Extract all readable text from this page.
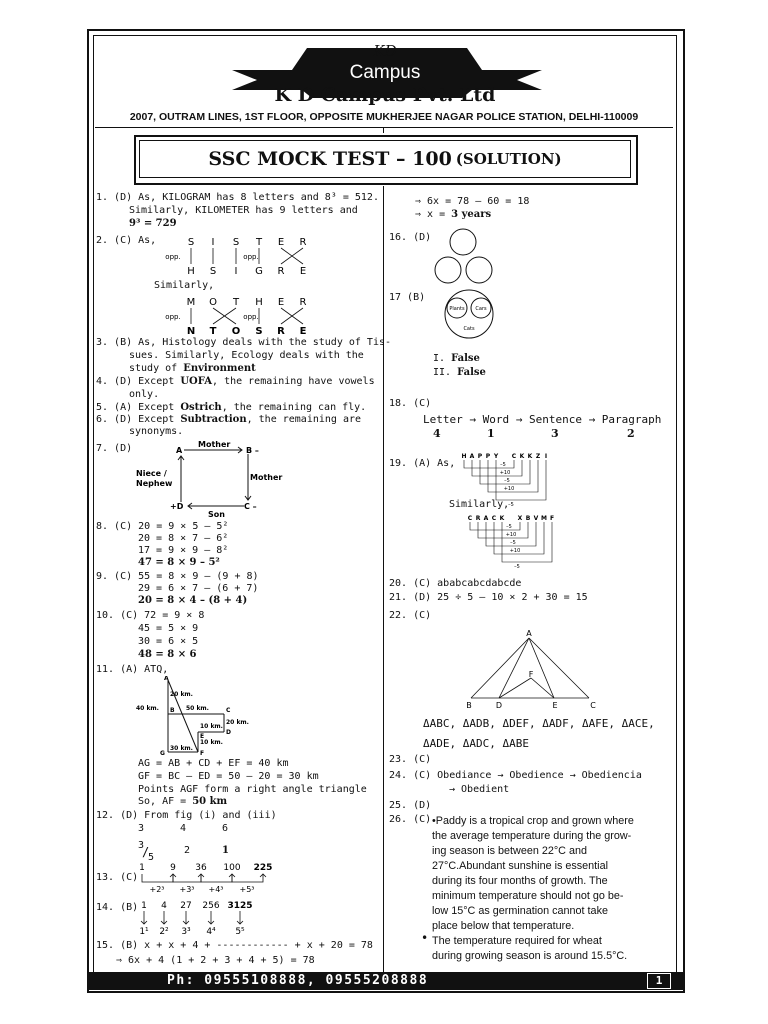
KD
Campus
K D Campus Pvt. Ltd
2007, OUTRAM LINES, 1ST FLOOR, OPPOSITE MUKHERJEE NAGAR POLICE STATION, DELHI-110009
SSC MOCK TEST – 100 (SOLUTION)
1. (D) As, KILOGRAM has 8 letters and 8³ = 512.
Similarly, KILOMETER has 9 letters and
9³ = 729
2. (C) As,	S I S T E R
H S I G R E
opp.	opp.
Similarly,
M O T H E R
opp.	opp.
N T O S R E
3. (B) As, Histology deals with the study of Tis-
sues. Similarly, Ecology deals with the
study of Environment
4. (D) Except UOFA, the remaining have vowels
only.
5. (A) Except Ostrich, the remaining can fly.
6. (D) Except Subtraction, the remaining are
synonyms.
7. (D)	A	B –
C –
+D
Mother
Mother
Son
Niece /
Nephew
8. (C) 20 = 9 × 5 – 5²
20 = 8 × 7 – 6²
17 = 9 × 9 – 8²
47 = 8 × 9 – 5²
9. (C) 55 = 8 × 9 – (9 + 8)
29 = 6 × 7 – (6 + 7)
20 = 8 × 4 – (8 + 4)
10. (C) 72 = 9 × 8
45 = 5 × 9
30 = 6 × 5
48 = 8 × 6
11. (A) ATQ,
A
C
D
G
B
E
F
20 km.
40 km.	50 km.
20 km.
30 km.
10 km.
10 km.
AG = AB + CD + EF = 40 km
GF = BC – ED = 50 – 20 = 30 km
Points AGF form a right angle triangle
So, AF = 50 km
12. (D) From fig (i) and (iii)
3	4	6
3
/
5
2	1
13. (C)
1	9 36 100 225
+2³ +3³ +4³ +5³
14. (B) 1 4 27 256 3125
1¹ 2² 3³ 4⁴ 5⁵
15. (B) x + x + 4 + ------------ + x + 20 = 78
⇒ 6x + 4 (1 + 2 + 3 + 4 + 5) = 78
⇒ 6x = 78 – 60 = 18
⇒ x = 3 years
16. (D)
17 (B)
Plants Cars
Cats
I. False
II. False
18. (C)
Letter → Word → Sentence → Paragraph
4	1	3	2
19. (A) As,
H A P P Y C K K Z I
–5
+10
–5
+10
–5
Similarly,
C R A C K X B V M F
–5
+10
–5
+10
–5
20. (C) ababcabcdabcde
21. (D) 25 ÷ 5 – 10 × 2 + 30 = 15
22. (C)
A
B	D	E	C
F
ΔABC, ΔADB, ΔDEF, ΔADF, ΔAFE, ΔACE,
ΔADE, ΔADC, ΔABE
23. (C)
24. (C) Obediance → Obedience → Obediencia
→ Obedient
25. (D)
26. (C) •Paddy is a tropical crop and grown where
the average temperature during the grow-
ing season is between 22°C and
27°C.Abundant sunshine is essential
during its four months of growth. The
minimum temperature should not go be-
low 15°C as germination cannot take
place below that temperature.
• The temperature required for wheat
during growing season is around 15.5°C.
Ph: 09555108888, 09555208888	1
